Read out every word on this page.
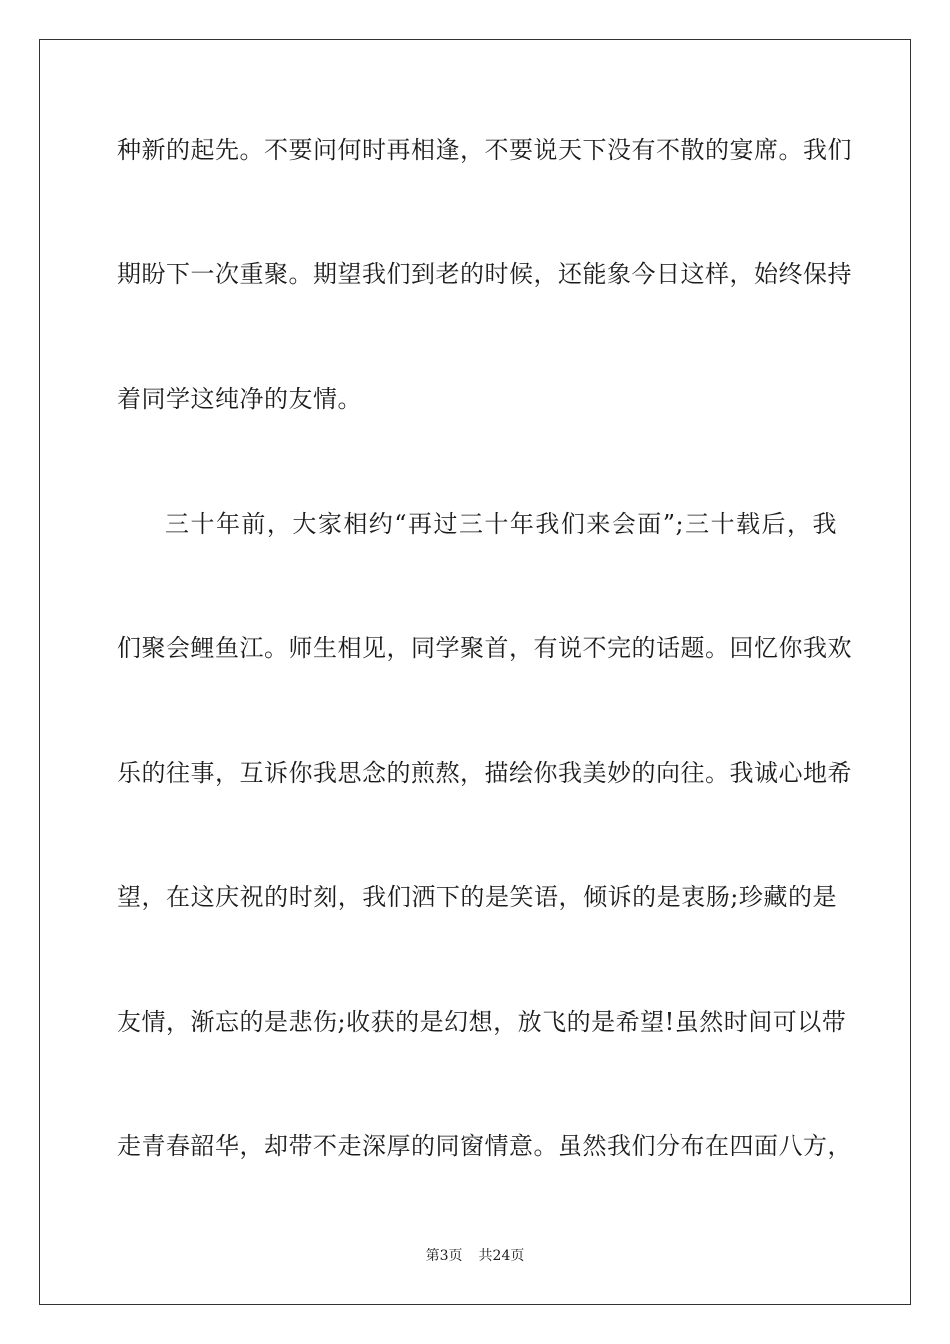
种新的起先。不要问何时再相逢，不要说天下没有不散的宴席。我们
期盼下一次重聚。期望我们到老的时候，还能象今日这样，始终保持
着同学这纯净的友情。
三十年前，大家相约“再过三十年我们来会面”;三十载后，我
们聚会鲤鱼江。师生相见，同学聚首，有说不完的话题。回忆你我欢
乐的往事，互诉你我思念的煎熬，描绘你我美妙的向往。我诚心地希
望，在这庆祝的时刻，我们洒下的是笑语，倾诉的是衷肠;珍藏的是
友情，渐忘的是悲伤;收获的是幻想，放飞的是希望!虽然时间可以带
走青春韶华，却带不走深厚的同窗情意。虽然我们分布在四面八方，
第3页 共24页
